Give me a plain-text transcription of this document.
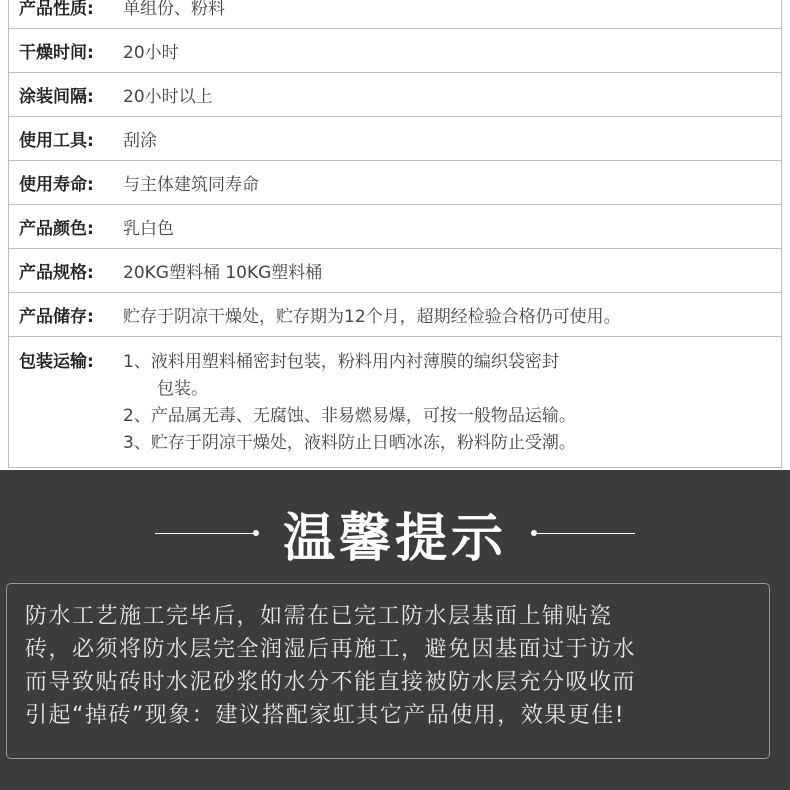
产品性质:	单组份、粉料
干燥时间:	20小时
涂装间隔:	20小时以上
使用工具:	刮涂
使用寿命:	与主体建筑同寿命
产品颜色:	乳白色
产品规格:	20KG塑料桶 10KG塑料桶
产品储存:	贮存于阴凉干燥处，贮存期为12个月，超期经检验合格仍可使用。
包装运输:	1、液料用塑料桶密封包装，粉料用内衬薄膜的编织袋密封
包装。
2、产品属无毒、无腐蚀、非易燃易爆，可按一般物品运输。
3、贮存于阴凉干燥处，液料防止日晒冰冻，粉料防止受潮。
温馨提示
防水工艺施工完毕后，如需在已完工防水层基面上铺贴瓷
砖，必须将防水层完全润湿后再施工，避免因基面过于访水
而导致贴砖时水泥砂浆的水分不能直接被防水层充分吸收而
引起“掉砖”现象：建议搭配家虹其它产品使用，效果更佳!
